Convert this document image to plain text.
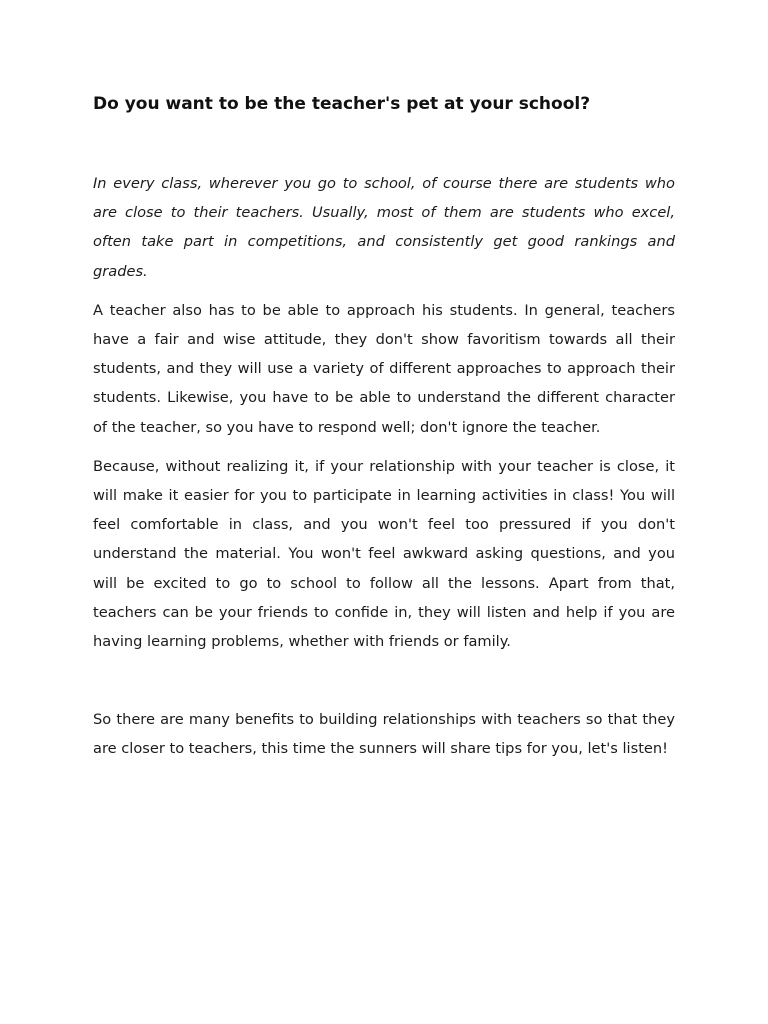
Do you want to be the teacher's pet at your school?

In every class, wherever you go to school, of course there are students who are close to their teachers. Usually, most of them are students who excel, often take part in competitions, and consistently get good rankings and grades.

A teacher also has to be able to approach his students. In general, teachers have a fair and wise attitude, they don't show favoritism towards all their students, and they will use a variety of different approaches to approach their students. Likewise, you have to be able to understand the different character of the teacher, so you have to respond well; don't ignore the teacher.

Because, without realizing it, if your relationship with your teacher is close, it will make it easier for you to participate in learning activities in class! You will feel comfortable in class, and you won't feel too pressured if you don't understand the material. You won't feel awkward asking questions, and you will be excited to go to school to follow all the lessons. Apart from that, teachers can be your friends to confide in, they will listen and help if you are having learning problems, whether with friends or family.

So there are many benefits to building relationships with teachers so that they are closer to teachers, this time the sunners will share tips for you, let's listen!
